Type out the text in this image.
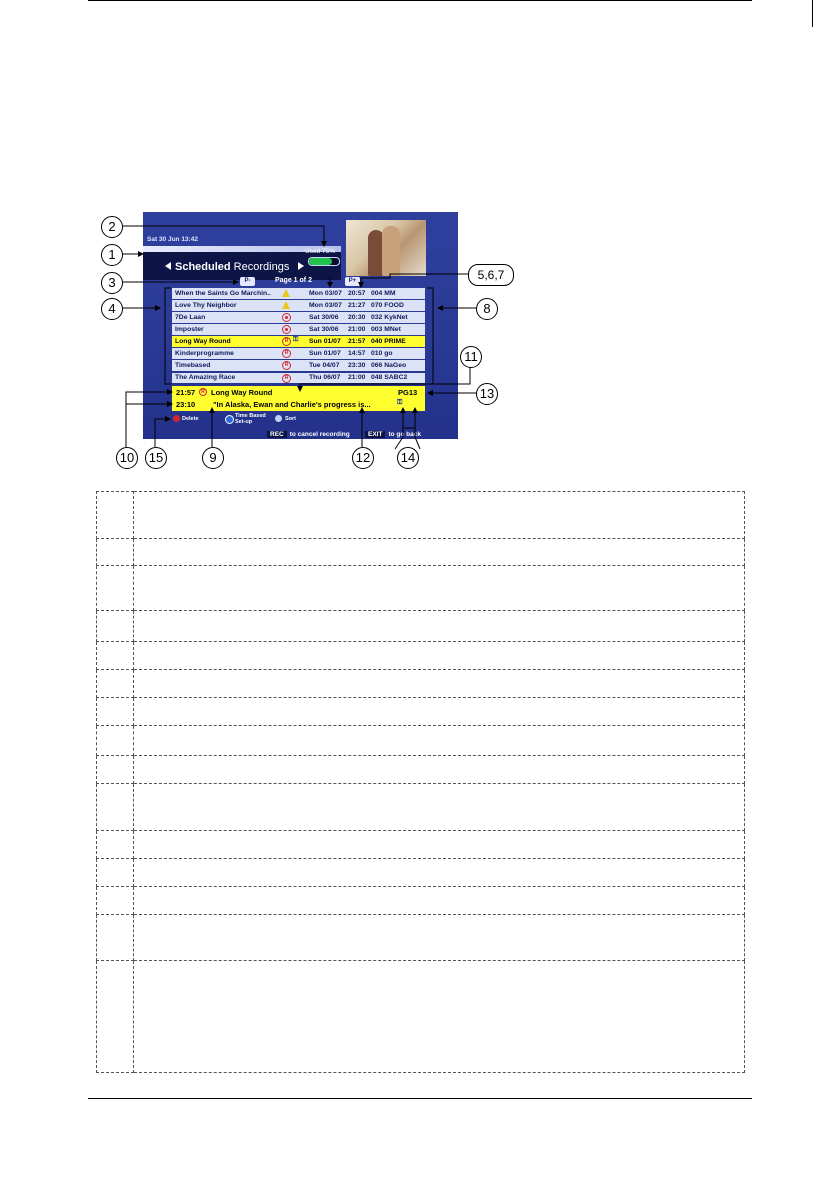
Sat 30 Jun 13:42
Scheduled Recordings
Used 75%
P-	Page 1 of 2	P+
When the Saints Go Marchin..	Mon 03/07 20:57 004 MM
Love Thy Neighbor	Mon 03/07 21:27 070 FOOD
7De Laan	Sat 30/06 20:30 032 KykNet
Imposter	Sat 30/06 21:00 003 MNet
Long Way Round	R ⚿ Sun 01/07 21:57 040 PRIME
Kinderprogramme	R	Sun 01/07 14:57 010 go
Timebased	R	Tue 04/07 23:30 066 NaGeo
The Amazing Race	R	Thu 06/07 21:00 048 SABC2
21:57	R Long Way Round	PG13
23:10 "In Alaska, Ewan and Charlie's progress is...	⚿
Delete	Time Based
Set-up	Sort
REC to cancel recording	EXIT to go back
2
1
3	5,6,7
4	8
11
13
10 15	9	12 14
